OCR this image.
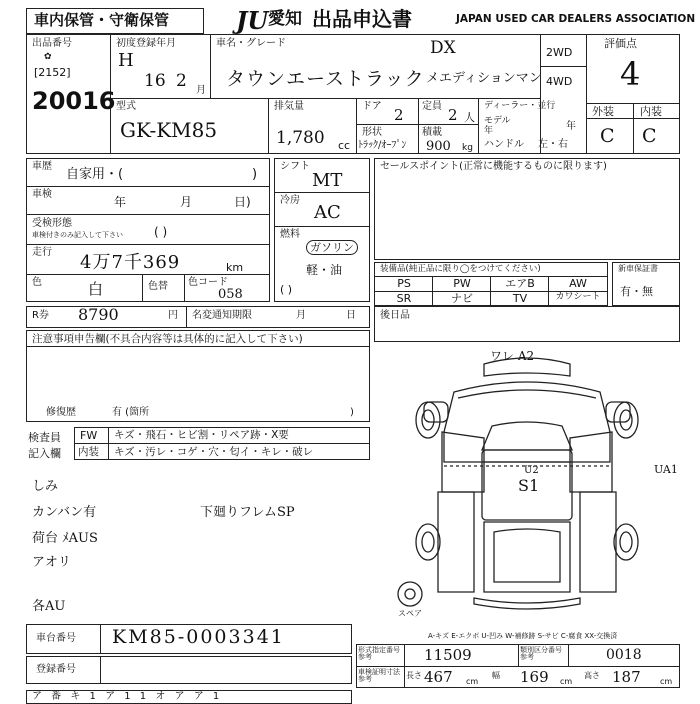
車内保管・守衛保管	JU 愛知 出品申込書	JAPAN USED CAR DEALERS ASSOCIATION
出品番号
✿
[2152]
20016
初度登録年月
H
16 2 月
車名・グレード	DX
タウンエーストラック メエディションマン
2WD
4WD
評価点
4
外装 内装
C C
型式
GK-KM85
排気量
1,780 cc
ドア 2 定員 2 人
形状
ﾄﾗｯｸ/ｵｰﾌﾟﾝ
積載
900 kg
ディーラー・並行
モデル
年	年
ハンドル 左・右
車歴
自家用・(	)
車検
年	月	日)
受検形態
車検付きのみ記入して下さい	( )
走行 4万7千369	km
色	白	色替 色コード
058
シフト
MT
冷房
AC
燃料
ガソリン
軽・油
( )
セールスポイント(正常に機能するものに限ります)
装備品(純正品に限り◯をつけてください)
PS	PW	エアB	AW
SR	ナビ	TV	カワシート
新車保証書
有・無
R券 8790	円 名変通知期限	月	日 後日品
注意事項申告欄(不具合内容等は具体的に記入して下さい)
修復歴	有 (箇所	)
検査員
記入欄
FW キズ・飛石・ヒビ割・リペア跡・X要
内装 キズ・汚レ・コゲ・穴・匂イ・キレ・破レ
しみ
カンバン有	下廻りフレムSP
荷台 ﾒAUS
アオリ
各AU
ワレ A2
U2
S1
UA1
スペア
A-キズ E-エクボ U-凹み W-補修跡 S-サビ C-腐食 XX-交換済
車台番号 KM85-0003341
登録番号
形式指定番号
参考	11509	類別区分番号
参考	0018
車検証明寸法
参考	長さ 467 cm
幅 169 cm
高さ 187 cm
ア 番 キ 1 ア 1 1 オ ア ア 1
